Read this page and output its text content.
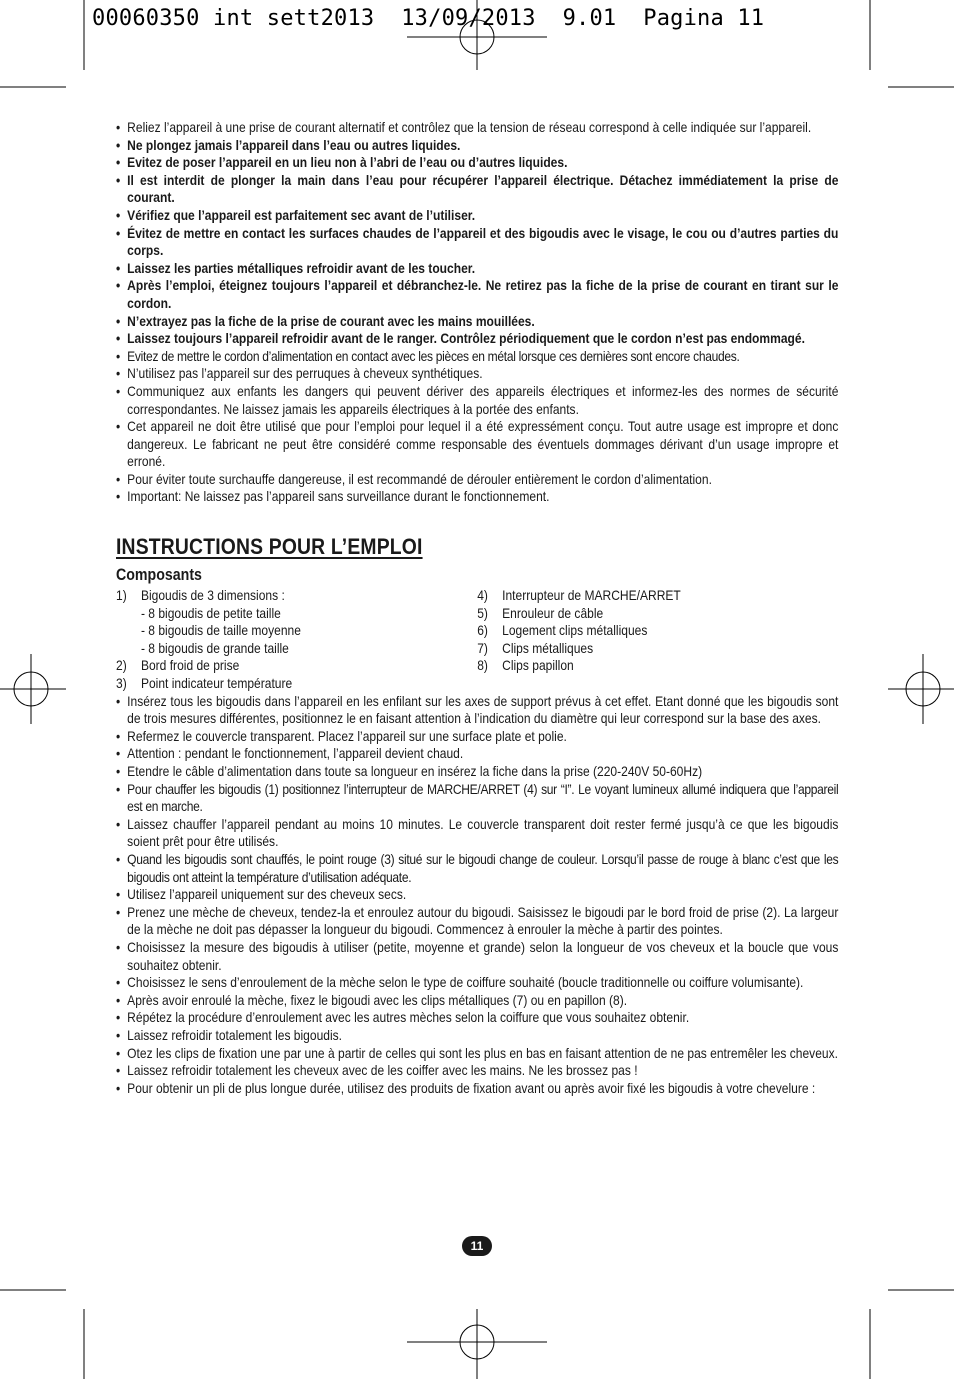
00060350 int sett2013  13/09/2013  9.01  Pagina 11
• Reliez l’appareil à une prise de courant alternatif et contrôlez que la tension de réseau correspond à celle indiquée sur l’appareil.
• Ne plongez jamais l’appareil dans l’eau ou autres liquides.
• Evitez de poser l’appareil en un lieu non à l’abri de l’eau ou d’autres liquides.
• Il est interdit de plonger la main dans l’eau pour récupérer l’appareil électrique. Détachez immédiatement la prise de courant.
• Vérifiez que l’appareil est parfaitement sec avant de l’utiliser.
• Évitez de mettre en contact les surfaces chaudes de l’appareil et des bigoudis avec le visage, le cou ou d’autres parties du corps.
• Laissez les parties métalliques refroidir avant de les toucher.
• Après l’emploi, éteignez toujours l’appareil et débranchez-le. Ne retirez pas la fiche de la prise de courant en tirant sur le cordon.
• N’extrayez pas la fiche de la prise de courant avec les mains mouillées.
• Laissez toujours l’appareil refroidir avant de le ranger. Contrôlez périodiquement que le cordon n’est pas endommagé.
• Evitez de mettre le cordon d’alimentation en contact avec les pièces en métal lorsque ces dernières sont encore chaudes.
• N’utilisez pas l’appareil sur des perruques à cheveux synthétiques.
• Communiquez aux enfants les dangers qui peuvent dériver des appareils électriques et informez-les des normes de sécurité correspondantes. Ne laissez jamais les appareils électriques à la portée des enfants.
• Cet appareil ne doit être utilisé que pour l’emploi pour lequel il a été expressément conçu. Tout autre usage est impropre et donc dangereux. Le fabricant ne peut être considéré comme responsable des éventuels dommages dérivant d’un usage impropre et erroné.
• Pour éviter toute surchauffe dangereuse, il est recommandé de dérouler entièrement le cordon d’alimentation.
• Important: Ne laissez pas l’appareil sans surveillance durant le fonctionnement.
INSTRUCTIONS POUR L’EMPLOI
Composants
1)	Bigoudis de 3 dimensions :
- 8 bigoudis de petite taille
- 8 bigoudis de taille moyenne
- 8 bigoudis de grande taille
2)	Bord froid de prise
3)	Point indicateur température
4)	Interrupteur de MARCHE/ARRET
5)	Enrouleur de câble
6)	Logement clips métalliques
7)	Clips métalliques
8)	Clips papillon
• Insérez tous les bigoudis dans l’appareil en les enfilant sur les axes de support prévus à cet effet. Etant donné que les bigoudis sont de trois mesures différentes, positionnez le en faisant attention à l’indication du diamètre qui leur correspond sur la base des axes.
• Refermez le couvercle transparent. Placez l’appareil sur une surface plate et polie.
• Attention : pendant le fonctionnement, l’appareil devient chaud.
• Etendre le câble d’alimentation dans toute sa longueur en insérez la fiche dans la prise (220-240V 50-60Hz)
• Pour chauffer les bigoudis (1) positionnez l’interrupteur de MARCHE/ARRET (4) sur “I”. Le voyant lumineux allumé indiquera que l’appareil est en marche.
• Laissez chauffer l’appareil pendant au moins 10 minutes. Le couvercle transparent doit rester fermé jusqu’à ce que les bigoudis soient prêt pour être utilisés.
• Quand les bigoudis sont chauffés, le point rouge (3) situé sur le bigoudi change de couleur. Lorsqu’il passe de rouge à blanc c’est que les bigoudis ont atteint la température d’utilisation adéquate.
• Utilisez l’appareil uniquement sur des cheveux secs.
• Prenez une mèche de cheveux, tendez-la et enroulez autour du bigoudi. Saisissez le bigoudi par le bord froid de prise (2). La largeur de la mèche ne doit pas dépasser la longueur du bigoudi. Commencez à enrouler la mèche à partir des pointes.
• Choisissez la mesure des bigoudis à utiliser (petite, moyenne et grande) selon la longueur de vos cheveux et la boucle que vous souhaitez obtenir.
• Choisissez le sens d’enroulement de la mèche selon le type de coiffure souhaité (boucle traditionnelle ou coiffure volumisante).
• Après avoir enroulé la mèche, fixez le bigoudi avec les clips métalliques (7) ou en papillon (8).
• Répétez la procédure d’enroulement avec les autres mèches selon la coiffure que vous souhaitez obtenir.
• Laissez refroidir totalement les bigoudis.
• Otez les clips de fixation une par une à partir de celles qui sont les plus en bas en faisant attention de ne pas entremêler les cheveux.
• Laissez refroidir totalement les cheveux avec de les coiffer avec les mains. Ne les brossez pas !
• Pour obtenir un pli de plus longue durée, utilisez des produits de fixation avant ou après avoir fixé les bigoudis à votre chevelure :
11
